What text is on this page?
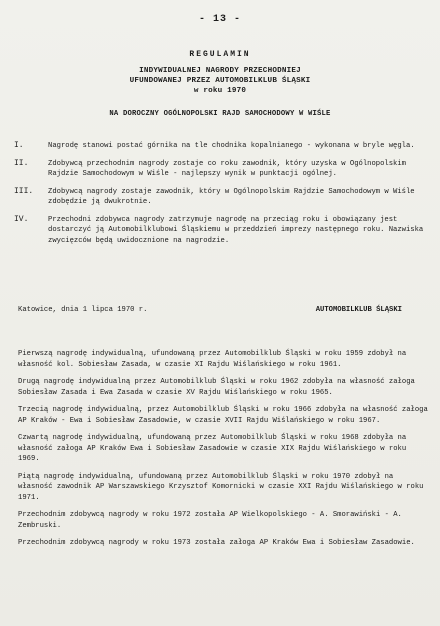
- 13 -
REGULAMIN
INDYWIDUALNEJ NAGRODY PRZECHODNIEJ
UFUNDOWANEJ PRZEZ AUTOMOBILKLUB ŚLĄSKI
w roku 1970
NA DOROCZNY OGÓLNOPOLSKI RAJD SAMOCHODOWY W WIŚLE
I.	Nagrodę stanowi postać górnika na tle chodnika kopalnianego - wykonana w bryle węgla.
II.	Zdobywcą przechodnim nagrody zostaje co roku zawodnik, który uzyska w Ogólnopolskim Rajdzie Samochodowym w Wiśle - najlepszy wynik w punktacji ogólnej.
III.	Zdobywcą nagrody zostaje zawodnik, który w Ogólnopolskim Rajdzie Samochodowym w Wiśle zdobędzie ją dwukrotnie.
IV.	Przechodni zdobywca nagrody zatrzymuje nagrodę na przeciąg roku i obowiązany jest dostarczyć ją Automobilklubowi Śląskiemu w przeddzień imprezy następnego roku. Nazwiska zwycięzców będą uwidocznione na nagrodzie.
Katowice, dnia 1 lipca 1970 r.	AUTOMOBILKLUB ŚLĄSKI
Pierwszą nagrodę indywidualną, ufundowaną przez Automobilklub Śląski w roku 1959 zdobył na własność kol. Sobiesław Zasada, w czasie XI Rajdu Wiślańskiego w roku 1961.
Drugą nagrodę indywidualną przez Automobilklub Śląski w roku 1962 zdobyła na własność załoga Sobiesław Zasada i Ewa Zasada w czasie XV Rajdu Wiślańskiego w roku 1965.
Trzecią nagrodę indywidualną, przez Automobilklub Śląski w roku 1966 zdobyła na własność załoga AP Kraków - Ewa i Sobiesław Zasadowie, w czasie XVII Rajdu Wiślańskiego w roku 1967.
Czwartą nagrodę indywidualną, ufundowaną przez Automobilklub Śląski w roku 1968 zdobyła na własność załoga AP Kraków Ewa i Sobiesław Zasadowie w czasie XIX Rajdu Wiślańskiego w roku 1969.
Piątą nagrodę indywidualną, ufundowaną przez Automobilklub Śląski w roku 1970 zdobył na własność zawodnik AP Warszawskiego Krzysztof Komornicki w czasie XXI Rajdu Wiślańskiego w roku 1971.
Przechodnim zdobywcą nagrody w roku 1972 została AP Wielkopolskiego - A. Smorawiński - A. Zembruski.
Przechodnim zdobywcą nagrody w roku 1973 została załoga AP Kraków Ewa i Sobiesław Zasadowie.
